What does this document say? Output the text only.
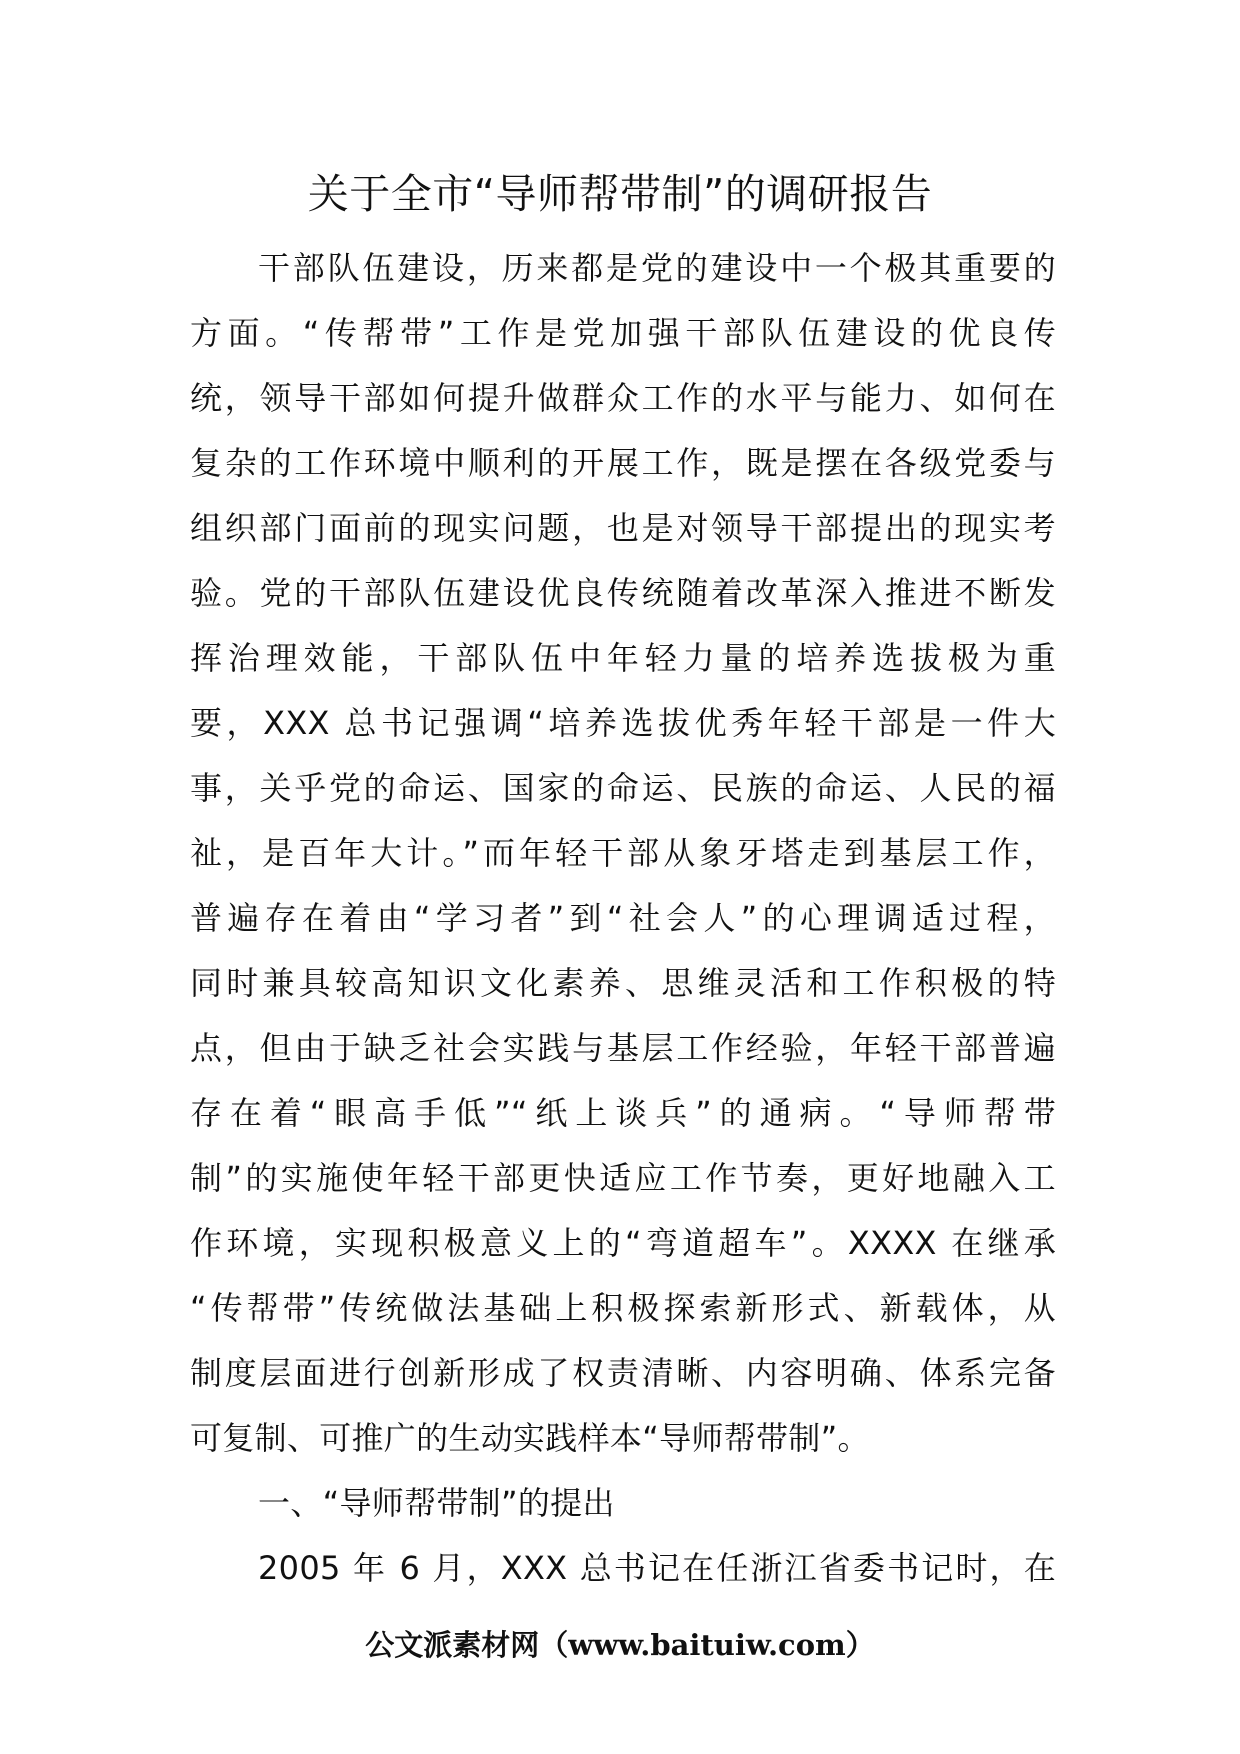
关于全市“导师帮带制”的调研报告
干部队伍建设，历来都是党的建设中一个极其重要的
方面。“传帮带”工作是党加强干部队伍建设的优良传
统，领导干部如何提升做群众工作的水平与能力、如何在
复杂的工作环境中顺利的开展工作，既是摆在各级党委与
组织部门面前的现实问题，也是对领导干部提出的现实考
验。党的干部队伍建设优良传统随着改革深入推进不断发
挥治理效能，干部队伍中年轻力量的培养选拔极为重
要，XXX 总书记强调“培养选拔优秀年轻干部是一件大
事，关乎党的命运、国家的命运、民族的命运、人民的福
祉，是百年大计。”而年轻干部从象牙塔走到基层工作，
普遍存在着由“学习者”到“社会人”的心理调适过程，
同时兼具较高知识文化素养、思维灵活和工作积极的特
点，但由于缺乏社会实践与基层工作经验，年轻干部普遍
存在着“眼高手低”“纸上谈兵”的通病。“导师帮带
制”的实施使年轻干部更快适应工作节奏，更好地融入工
作环境，实现积极意义上的“弯道超车”。XXXX 在继承
“传帮带”传统做法基础上积极探索新形式、新载体，从
制度层面进行创新形成了权责清晰、内容明确、体系完备
可复制、可推广的生动实践样本“导师帮带制”。
一、“导师帮带制”的提出
2005 年 6 月，XXX 总书记在任浙江省委书记时，在
公文派素材网（www.baituiw.com）
